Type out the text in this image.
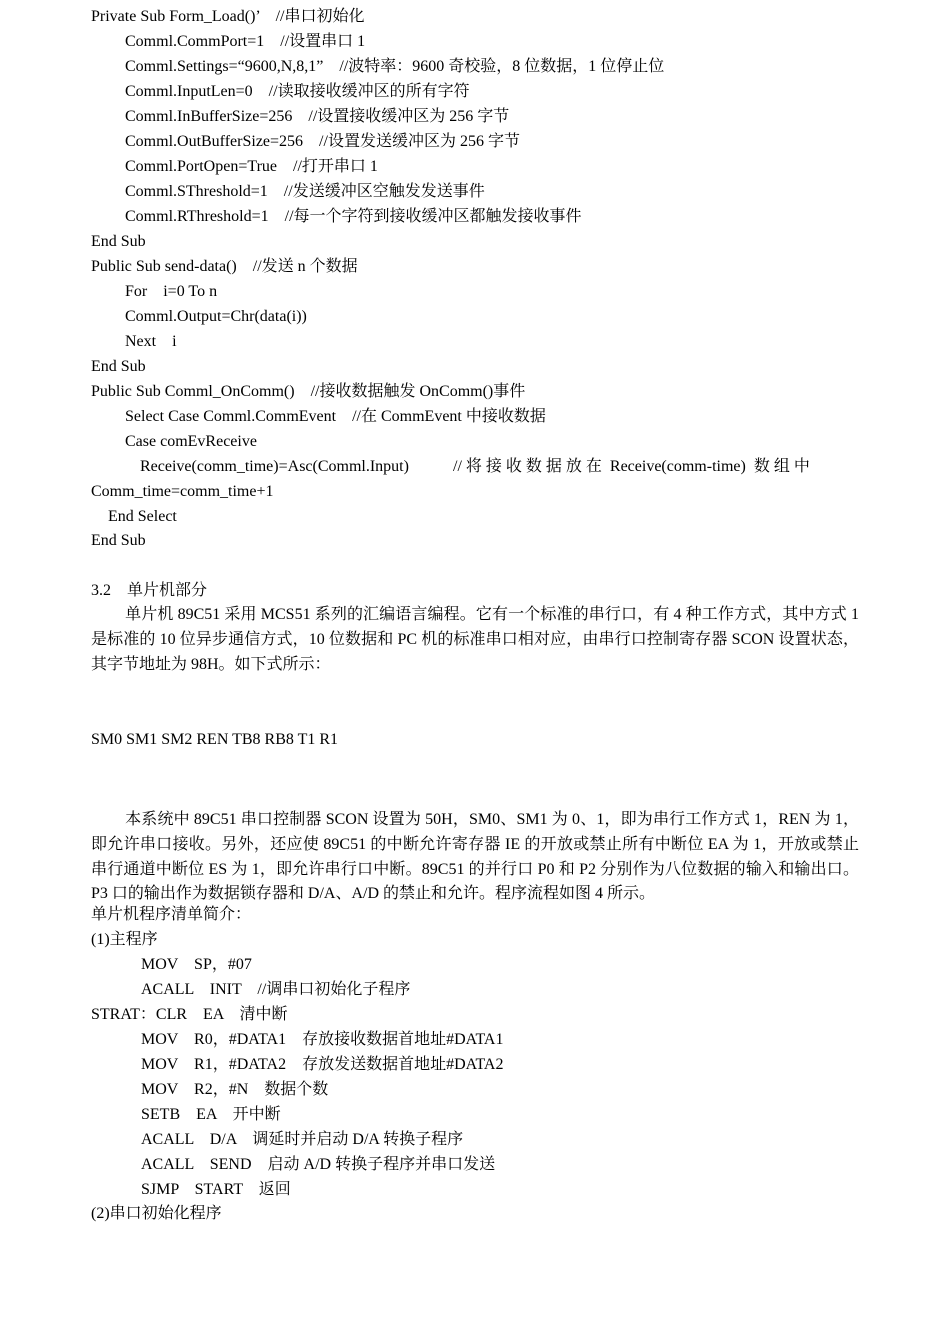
Private Sub Form_Load()’    //串口初始化
Comml.CommPort=1    //设置串口 1
Comml.Settings=“9600,N,8,1”    //波特率：9600 奇校验，8 位数据，1 位停止位
Comml.InputLen=0    //读取接收缓冲区的所有字符
Comml.InBufferSize=256    //设置接收缓冲区为 256 字节
Comml.OutBufferSize=256    //设置发送缓冲区为 256 字节
Comml.PortOpen=True    //打开串口 1
Comml.SThreshold=1    //发送缓冲区空触发发送事件
Comml.RThreshold=1    //每一个字符到接收缓冲区都触发接收事件
End Sub
Public Sub send-data()    //发送 n 个数据
For    i=0 To n
Comml.Output=Chr(data(i))
Next    i
End Sub
Public Sub Comml_OnComm()    //接收数据触发 OnComm()事件
Select Case Comml.CommEvent    //在 CommEvent 中接收数据
Case comEvReceive
Receive(comm_time)=Asc(Comml.Input)	// 将 接 收 数 据 放 在  Receive(comm-time)  数 组 中
Comm_time=comm_time+1
End Select
End Sub
3.2    单片机部分
单片机 89C51 采用 MCS51 系列的汇编语言编程。它有一个标准的串行口，有 4 种工作方式，其中方式 1 是标准的 10 位异步通信方式，10 位数据和 PC 机的标准串口相对应，由串行口控制寄存器 SCON 设置状态，其字节地址为 98H。如下式所示：
SM0 SM1 SM2 REN TB8 RB8 T1 R1
本系统中 89C51 串口控制器 SCON 设置为 50H，SM0、SM1 为 0、1，即为串行工作方式 1，REN 为 1，即允许串口接收。另外，还应使 89C51 的中断允许寄存器 IE 的开放或禁止所有中断位 EA 为 1，开放或禁止串行通道中断位 ES 为 1，即允许串行口中断。89C51 的并行口 P0 和 P2 分别作为八位数据的输入和输出口。P3 口的输出作为数据锁存器和 D/A、A/D 的禁止和允许。程序流程如图 4 所示。
单片机程序清单简介：
(1)主程序
MOV    SP，#07
ACALL    INIT    //调串口初始化子程序
STRAT：CLR    EA    清中断
MOV    R0，#DATA1    存放接收数据首地址#DATA1
MOV    R1，#DATA2    存放发送数据首地址#DATA2
MOV    R2，#N    数据个数
SETB    EA    开中断
ACALL    D/A    调延时并启动 D/A 转换子程序
ACALL    SEND    启动 A/D 转换子程序并串口发送
SJMP    START    返回
(2)串口初始化程序
